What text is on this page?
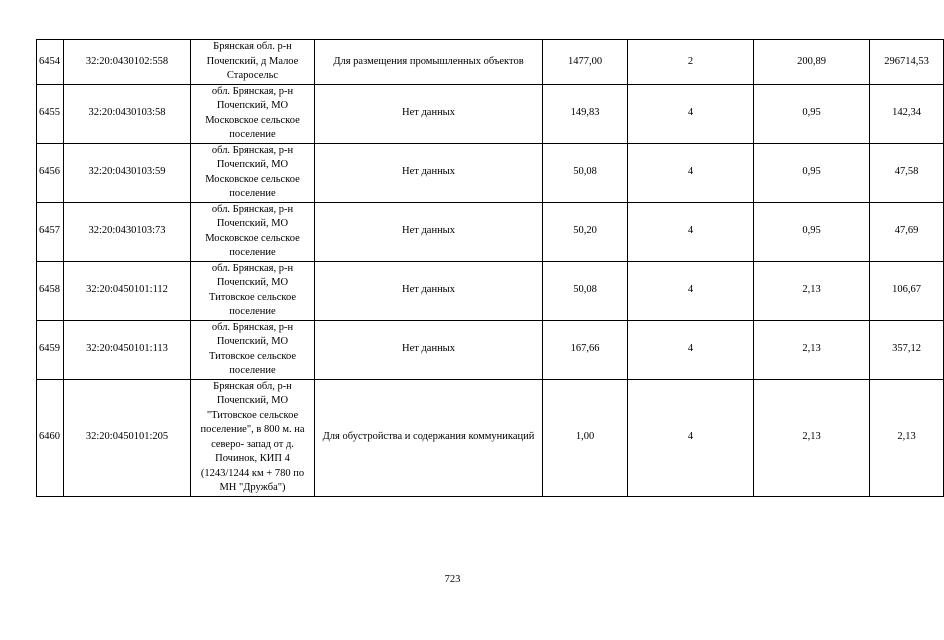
6454	32:20:0430102:558	Брянская обл. р-н Почепский, д Малое Старосельс	Для размещения промышленных объектов	1477,00	2	200,89	296714,53
6455	32:20:0430103:58	обл. Брянская, р-н Почепский, МО Московское сельское поселение	Нет данных	149,83	4	0,95	142,34
6456	32:20:0430103:59	обл. Брянская, р-н Почепский, МО Московское сельское поселение	Нет данных	50,08	4	0,95	47,58
6457	32:20:0430103:73	обл. Брянская, р-н Почепский, МО Московское сельское поселение	Нет данных	50,20	4	0,95	47,69
6458	32:20:0450101:112	обл. Брянская, р-н Почепский, МО Титовское сельское поселение	Нет данных	50,08	4	2,13	106,67
6459	32:20:0450101:113	обл. Брянская, р-н Почепский, МО Титовское сельское поселение	Нет данных	167,66	4	2,13	357,12
6460	32:20:0450101:205	Брянская обл, р-н Почепский, МО "Титовское сельское поселение", в 800 м. на северо- запад от д. Починок, КИП 4 (1243/1244 км + 780 по МН "Дружба")	Для обустройства и содержания коммуникаций	1,00	4	2,13	2,13
723
